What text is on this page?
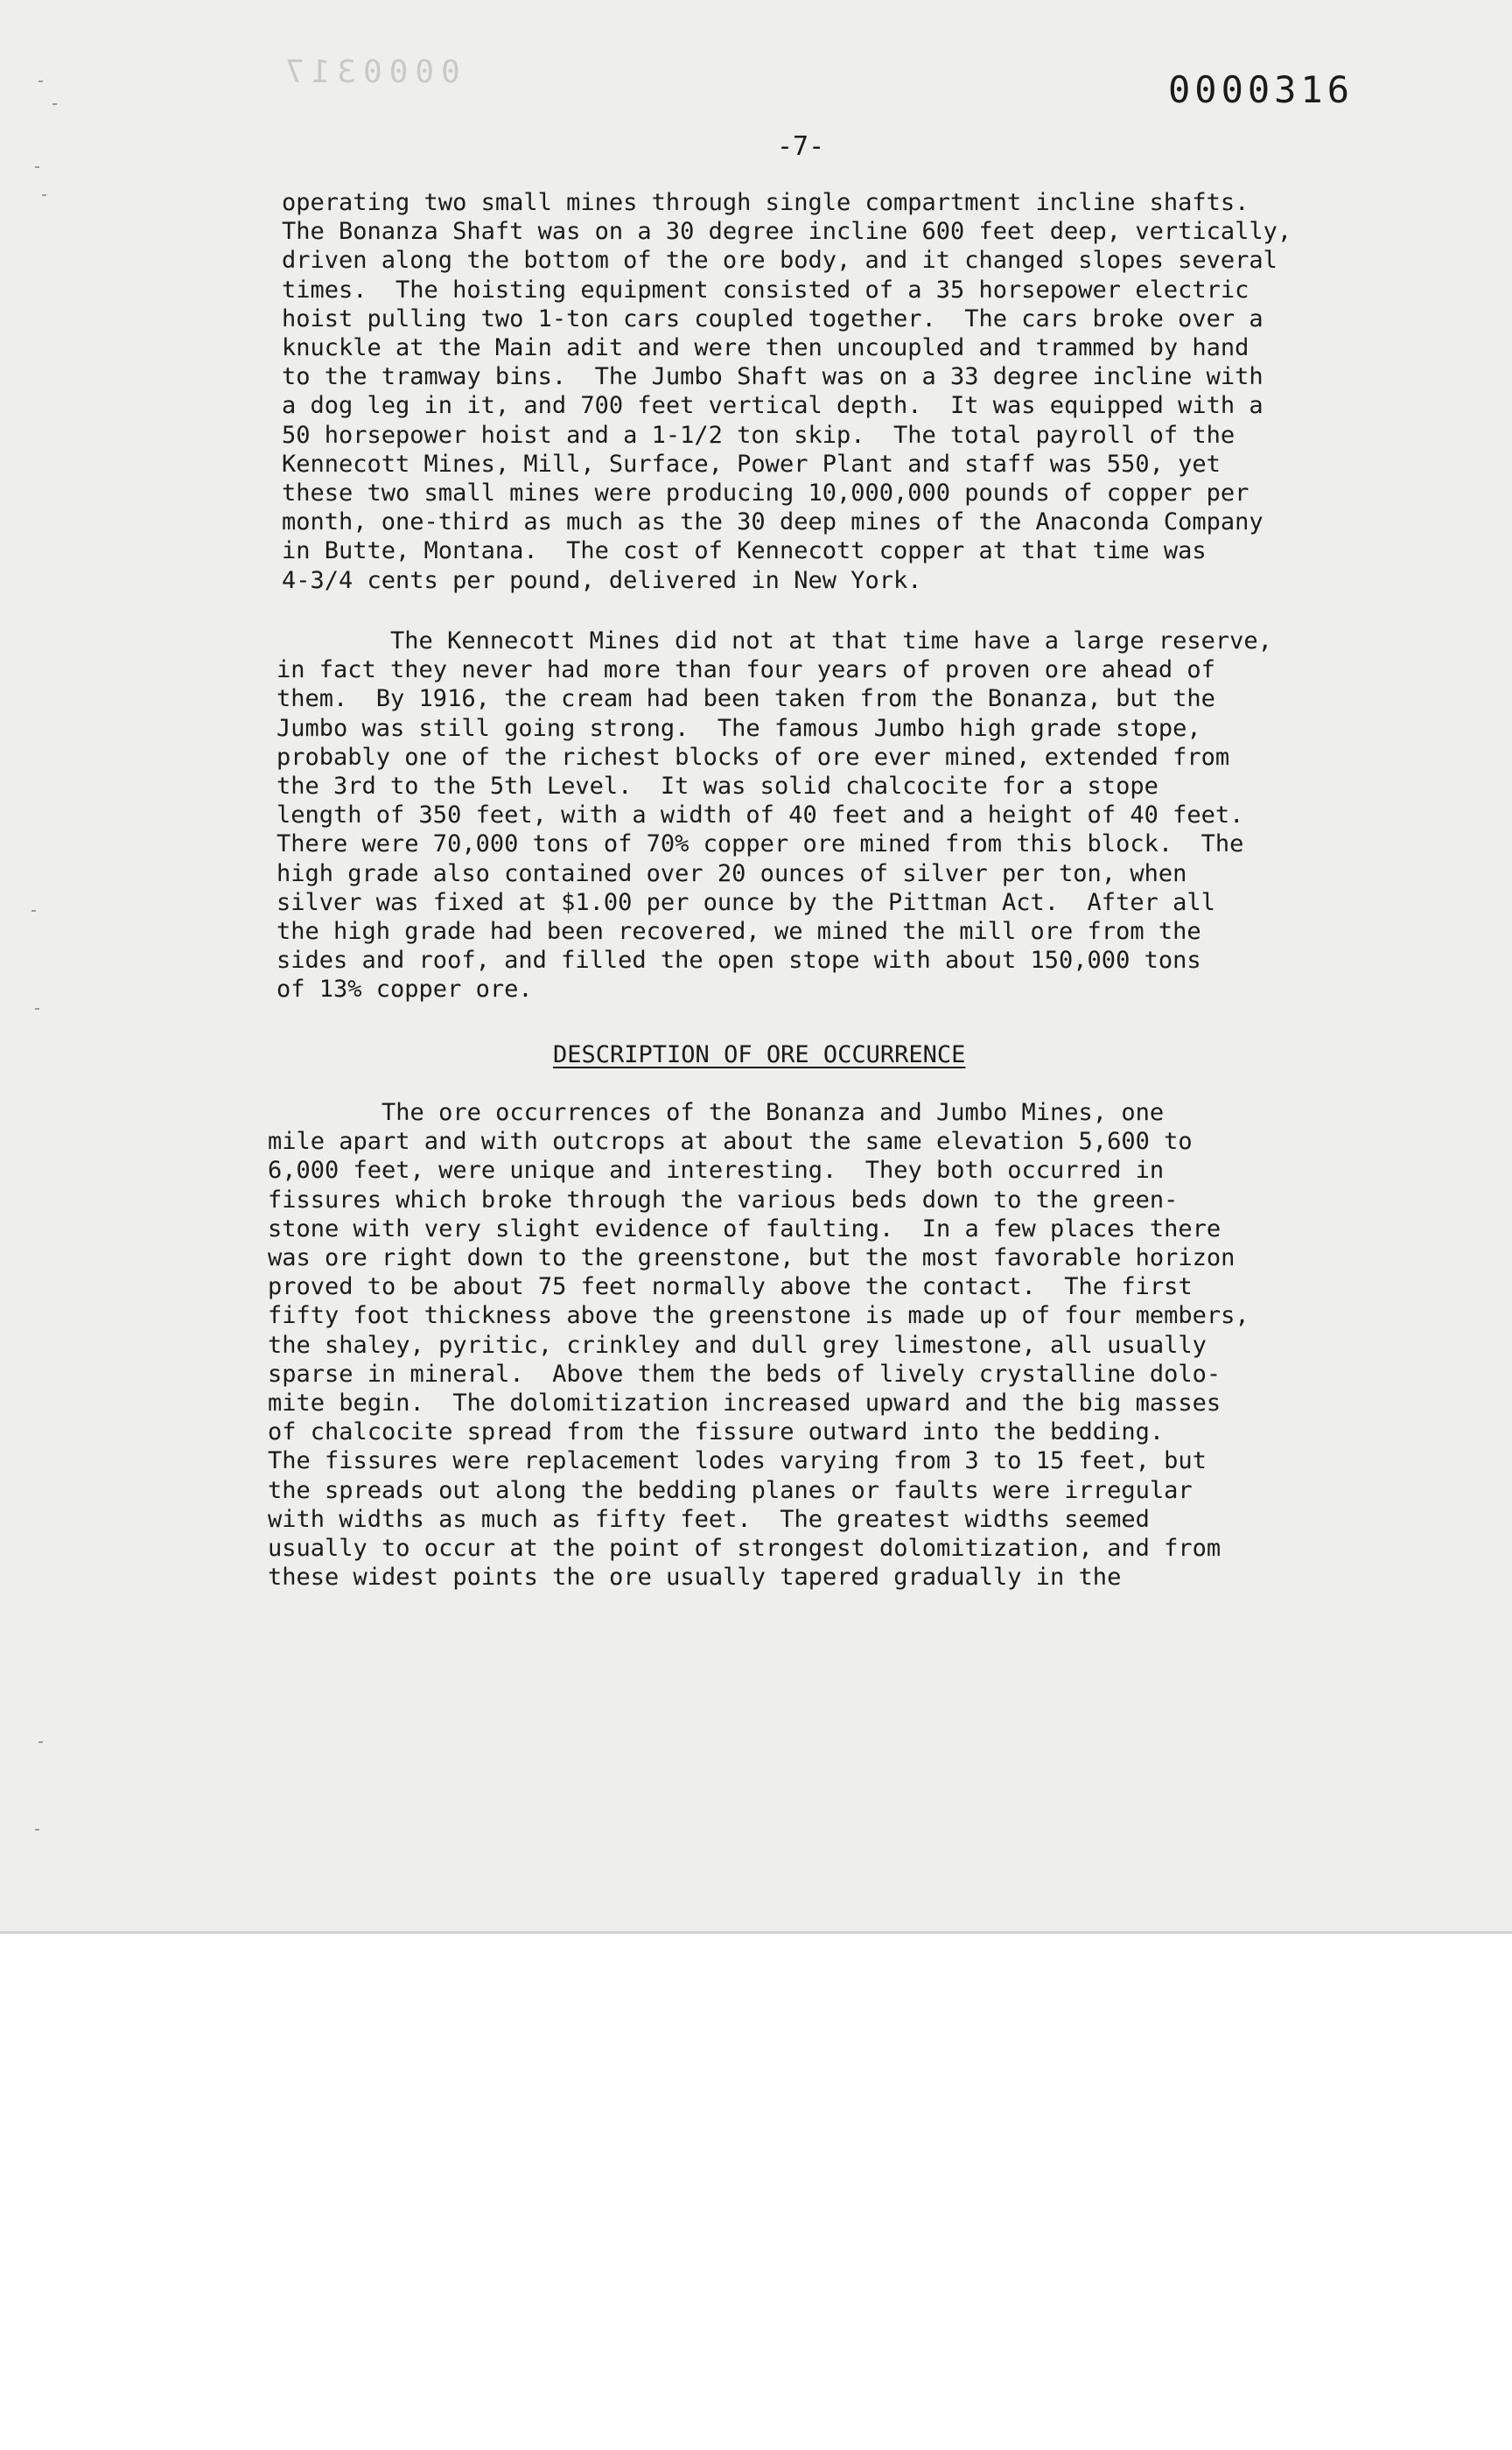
0000317	0000316
-7-
operating two small mines through single compartment incline shafts.
The Bonanza Shaft was on a 30 degree incline 600 feet deep, vertically,
driven along the bottom of the ore body, and it changed slopes several
times.  The hoisting equipment consisted of a 35 horsepower electric
hoist pulling two 1-ton cars coupled together.  The cars broke over a
knuckle at the Main adit and were then uncoupled and trammed by hand
to the tramway bins.  The Jumbo Shaft was on a 33 degree incline with
a dog leg in it, and 700 feet vertical depth.  It was equipped with a
50 horsepower hoist and a 1-1/2 ton skip.  The total payroll of the
Kennecott Mines, Mill, Surface, Power Plant and staff was 550, yet
these two small mines were producing 10,000,000 pounds of copper per
month, one-third as much as the 30 deep mines of the Anaconda Company
in Butte, Montana.  The cost of Kennecott copper at that time was
4-3/4 cents per pound, delivered in New York.
The Kennecott Mines did not at that time have a large reserve,
in fact they never had more than four years of proven ore ahead of
them.  By 1916, the cream had been taken from the Bonanza, but the
Jumbo was still going strong.  The famous Jumbo high grade stope,
probably one of the richest blocks of ore ever mined, extended from
the 3rd to the 5th Level.  It was solid chalcocite for a stope
length of 350 feet, with a width of 40 feet and a height of 40 feet.
There were 70,000 tons of 70% copper ore mined from this block.  The
high grade also contained over 20 ounces of silver per ton, when
silver was fixed at $1.00 per ounce by the Pittman Act.  After all
the high grade had been recovered, we mined the mill ore from the
sides and roof, and filled the open stope with about 150,000 tons
of 13% copper ore.
DESCRIPTION OF ORE OCCURRENCE
The ore occurrences of the Bonanza and Jumbo Mines, one
mile apart and with outcrops at about the same elevation 5,600 to
6,000 feet, were unique and interesting.  They both occurred in
fissures which broke through the various beds down to the green-
stone with very slight evidence of faulting.  In a few places there
was ore right down to the greenstone, but the most favorable horizon
proved to be about 75 feet normally above the contact.  The first
fifty foot thickness above the greenstone is made up of four members,
the shaley, pyritic, crinkley and dull grey limestone, all usually
sparse in mineral.  Above them the beds of lively crystalline dolo-
mite begin.  The dolomitization increased upward and the big masses
of chalcocite spread from the fissure outward into the bedding.
The fissures were replacement lodes varying from 3 to 15 feet, but
the spreads out along the bedding planes or faults were irregular
with widths as much as fifty feet.  The greatest widths seemed
usually to occur at the point of strongest dolomitization, and from
these widest points the ore usually tapered gradually in the
